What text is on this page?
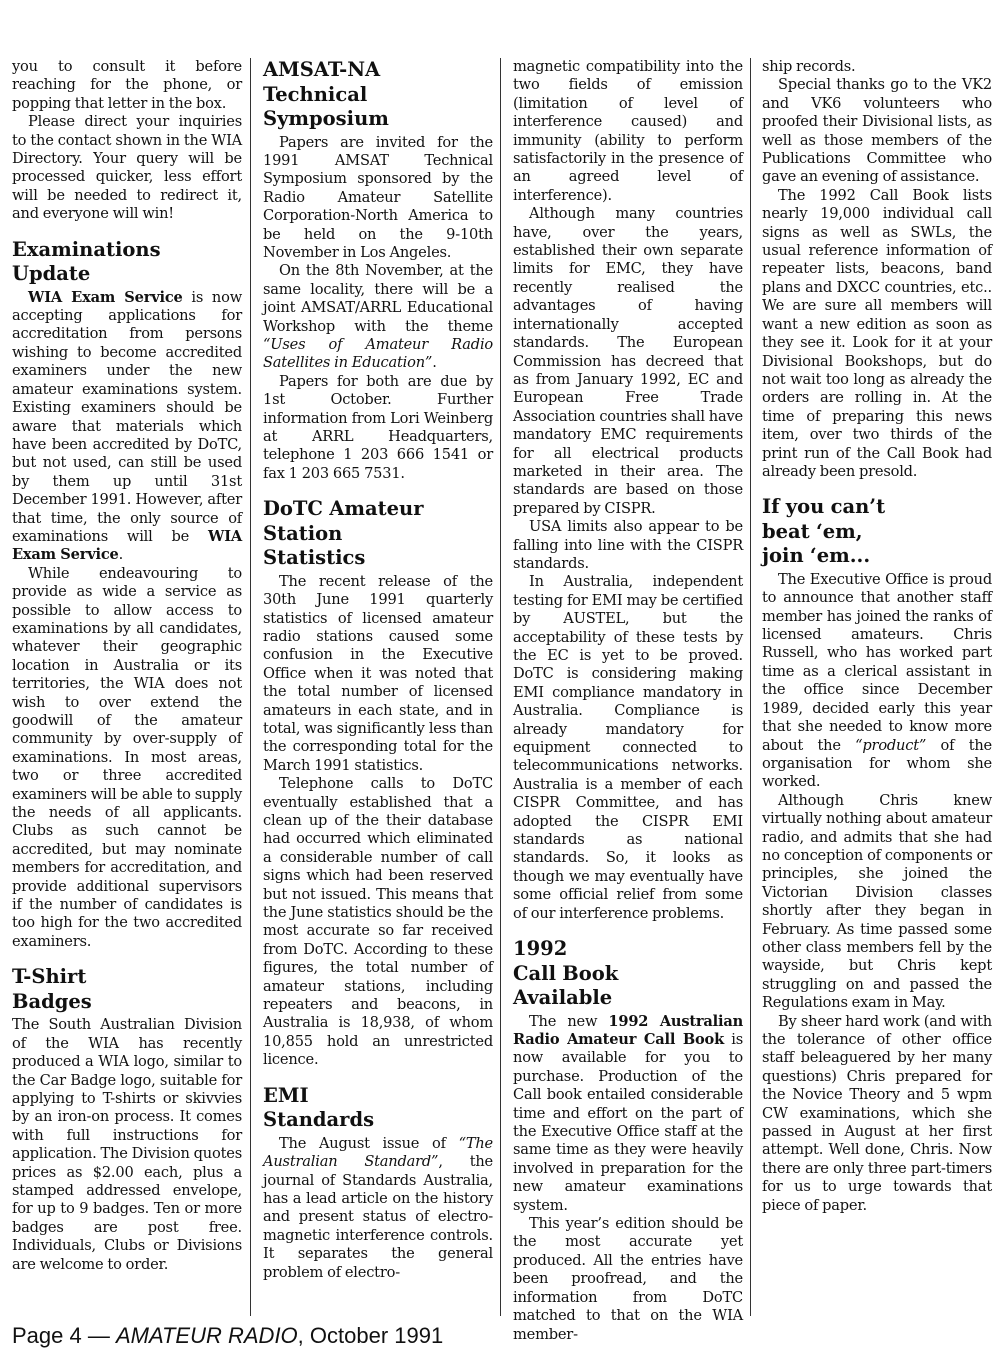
you to consult it before reaching for the phone, or popping that letter in the box.

Please direct your inquiries to the contact shown in the WIA Directory. Your query will be processed quicker, less effort will be needed to redirect it, and everyone will win!

Examinations
Update

WIA Exam Service is now accepting applications for accreditation from persons wishing to become accredited examiners under the new amateur examinations system. Existing examiners should be aware that materials which have been accredited by DoTC, but not used, can still be used by them up until 31st December 1991. However, after that time, the only source of examinations will be WIA Exam Service.

While endeavouring to provide as wide a service as possible to allow access to examinations by all candidates, whatever their geographic location in Australia or its territories, the WIA does not wish to over extend the goodwill of the amateur community by over-supply of examinations. In most areas, two or three accredited examiners will be able to supply the needs of all applicants. Clubs as such cannot be accredited, but may nominate members for accreditation, and provide additional supervisors if the number of candidates is too high for the two accredited examiners.

T-Shirt
Badges

The South Australian Division of the WIA has recently produced a WIA logo, similar to the Car Badge logo, suitable for applying to T-shirts or skivvies by an iron-on process. It comes with full instructions for application. The Division quotes prices as $2.00 each, plus a stamped addressed envelope, for up to 9 badges. Ten or more badges are post free. Individuals, Clubs or Divisions are welcome to order.

AMSAT-NA
Technical
Symposium

Papers are invited for the 1991 AMSAT Technical Symposium sponsored by the Radio Amateur Satellite Corporation-North America to be held on the 9-10th November in Los Angeles.

On the 8th November, at the same locality, there will be a joint AMSAT/ARRL Educational Workshop with the theme “Uses of Amateur Radio Satellites in Education”.

Papers for both are due by 1st October. Further information from Lori Weinberg at ARRL Headquarters, telephone 1 203 666 1541 or fax 1 203 665 7531.

DoTC Amateur
Station
Statistics

The recent release of the 30th June 1991 quarterly statistics of licensed amateur radio stations caused some confusion in the Executive Office when it was noted that the total number of licensed amateurs in each state, and in total, was significantly less than the corresponding total for the March 1991 statistics.

Telephone calls to DoTC eventually established that a clean up of the their database had occurred which eliminated a considerable number of call signs which had been reserved but not issued. This means that the June statistics should be the most accurate so far received from DoTC. According to these figures, the total number of amateur stations, including repeaters and beacons, in Australia is 18,938, of whom 10,855 hold an unrestricted licence.

EMI
Standards

The August issue of “The Australian Standard”, the journal of Standards Australia, has a lead article on the history and present status of electro-magnetic interference controls. It separates the general problem of electro-

magnetic compatibility into the two fields of emission (limitation of level of interference caused) and immunity (ability to perform satisfactorily in the presence of an agreed level of interference).

Although many countries have, over the years, established their own separate limits for EMC, they have recently realised the advantages of having internationally accepted standards. The European Commission has decreed that as from January 1992, EC and European Free Trade Association countries shall have mandatory EMC requirements for all electrical products marketed in their area. The standards are based on those prepared by CISPR.

USA limits also appear to be falling into line with the CISPR standards.

In Australia, independent testing for EMI may be certified by AUSTEL, but the acceptability of these tests by the EC is yet to be proved. DoTC is considering making EMI compliance mandatory in Australia. Compliance is already mandatory for equipment connected to telecommunications networks. Australia is a member of each CISPR Committee, and has adopted the CISPR EMI standards as national standards. So, it looks as though we may eventually have some official relief from some of our interference problems.

1992
Call Book
Available

The new 1992 Australian Radio Amateur Call Book is now available for you to purchase. Production of the Call book entailed considerable time and effort on the part of the Executive Office staff at the same time as they were heavily involved in preparation for the new amateur examinations system.

This year’s edition should be the most accurate yet produced. All the entries have been proofread, and the information from DoTC matched to that on the WIA member-

ship records.

Special thanks go to the VK2 and VK6 volunteers who proofed their Divisional lists, as well as those members of the Publications Committee who gave an evening of assistance.

The 1992 Call Book lists nearly 19,000 individual call signs as well as SWLs, the usual reference information of repeater lists, beacons, band plans and DXCC countries, etc.. We are sure all members will want a new edition as soon as they see it. Look for it at your Divisional Bookshops, but do not wait too long as already the orders are rolling in. At the time of preparing this news item, over two thirds of the print run of the Call Book had already been presold.

If you can’t
beat ‘em,
join ‘em...

The Executive Office is proud to announce that another staff member has joined the ranks of licensed amateurs. Chris Russell, who has worked part time as a clerical assistant in the office since December 1989, decided early this year that she needed to know more about the “product” of the organisation for whom she worked.

Although Chris knew virtually nothing about amateur radio, and admits that she had no conception of components or principles, she joined the Victorian Division classes shortly after they began in February. As time passed some other class members fell by the wayside, but Chris kept struggling on and passed the Regulations exam in May.

By sheer hard work (and with the tolerance of other office staff beleaguered by her many questions) Chris prepared for the Novice Theory and 5 wpm CW examinations, which she passed in August at her first attempt. Well done, Chris. Now there are only three part-timers for us to urge towards that piece of paper.

Page 4 — AMATEUR RADIO, October 1991
